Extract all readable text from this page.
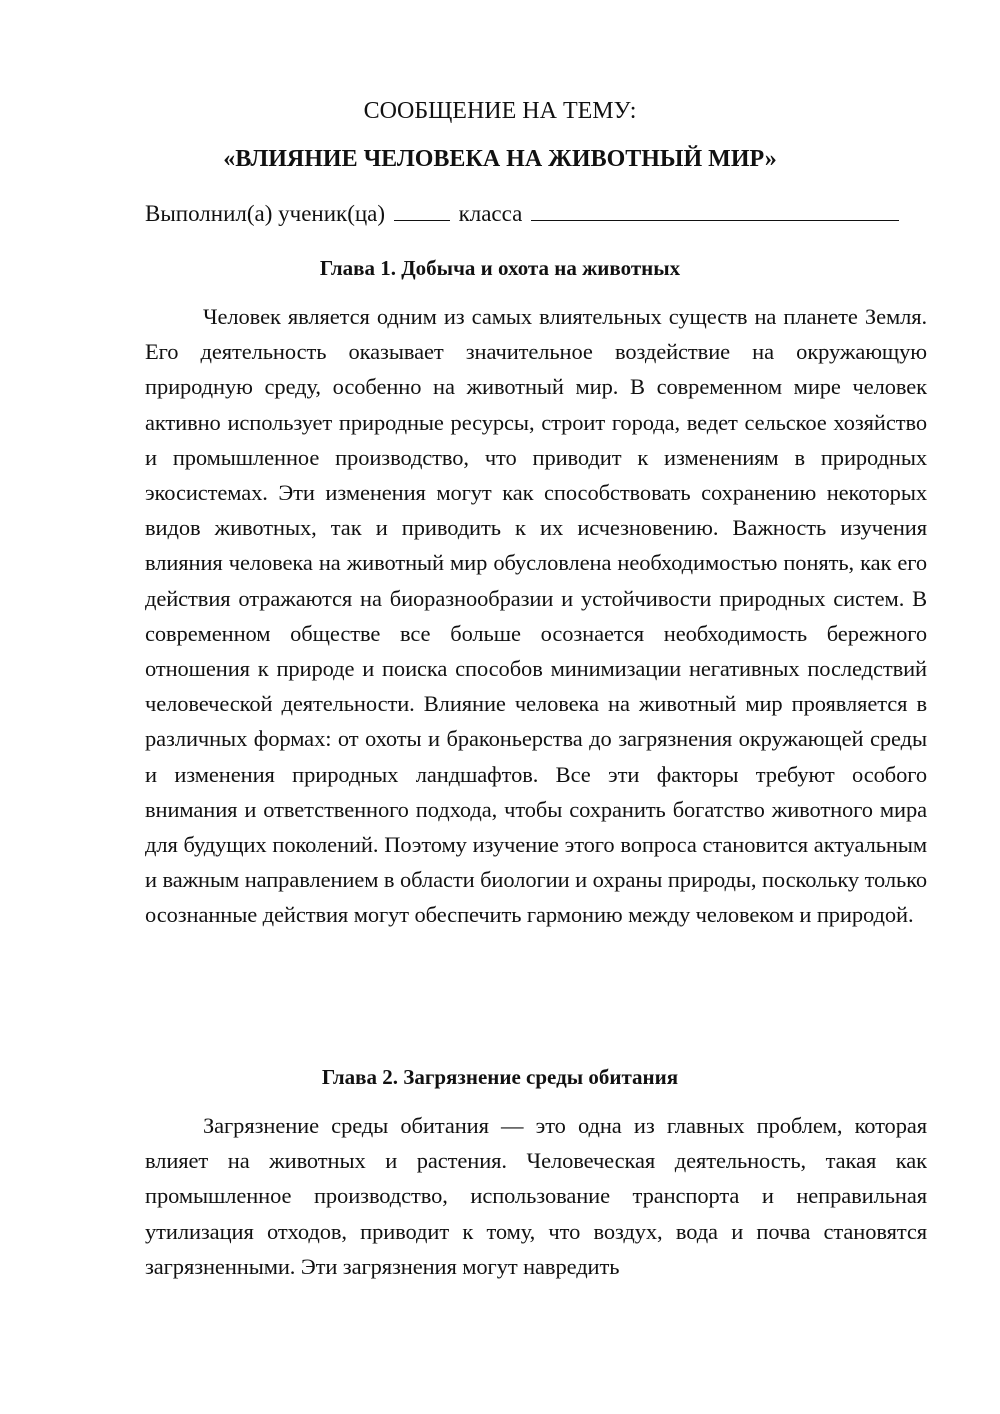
СООБЩЕНИЕ НА ТЕМУ:
«ВЛИЯНИЕ ЧЕЛОВЕКА НА ЖИВОТНЫЙ МИР»
Выполнил(а) ученик(ца)	класса
Глава 1. Добыча и охота на животных

Человек является одним из самых влиятельных существ на планете Земля. Его деятельность оказывает значительное воздействие на окружающую природную среду, особенно на животный мир. В современном мире человек активно использует природные ресурсы, строит города, ведет сельское хозяйство и промышленное производство, что приводит к изменениям в природных экосистемах. Эти изменения могут как способствовать сохранению некоторых видов животных, так и приводить к их исчезновению. Важность изучения влияния человека на животный мир обусловлена необходимостью понять, как его действия отражаются на биоразнообразии и устойчивости природных систем. В современном обществе все больше осознается необходимость бережного отношения к природе и поиска способов минимизации негативных последствий человеческой деятельности. Влияние человека на животный мир проявляется в различных формах: от охоты и браконьерства до загрязнения окружающей среды и изменения природных ландшафтов. Все эти факторы требуют особого внимания и ответственного подхода, чтобы сохранить богатство животного мира для будущих поколений. Поэтому изучение этого вопроса становится актуальным и важным направлением в области биологии и охраны природы, поскольку только осознанные действия могут обеспечить гармонию между человеком и природой.

Глава 2. Загрязнение среды обитания

Загрязнение среды обитания — это одна из главных проблем, которая влияет на животных и растения. Человеческая деятельность, такая как промышленное производство, использование транспорта и неправильная утилизация отходов, приводит к тому, что воздух, вода и почва становятся загрязненными. Эти загрязнения могут навредить
